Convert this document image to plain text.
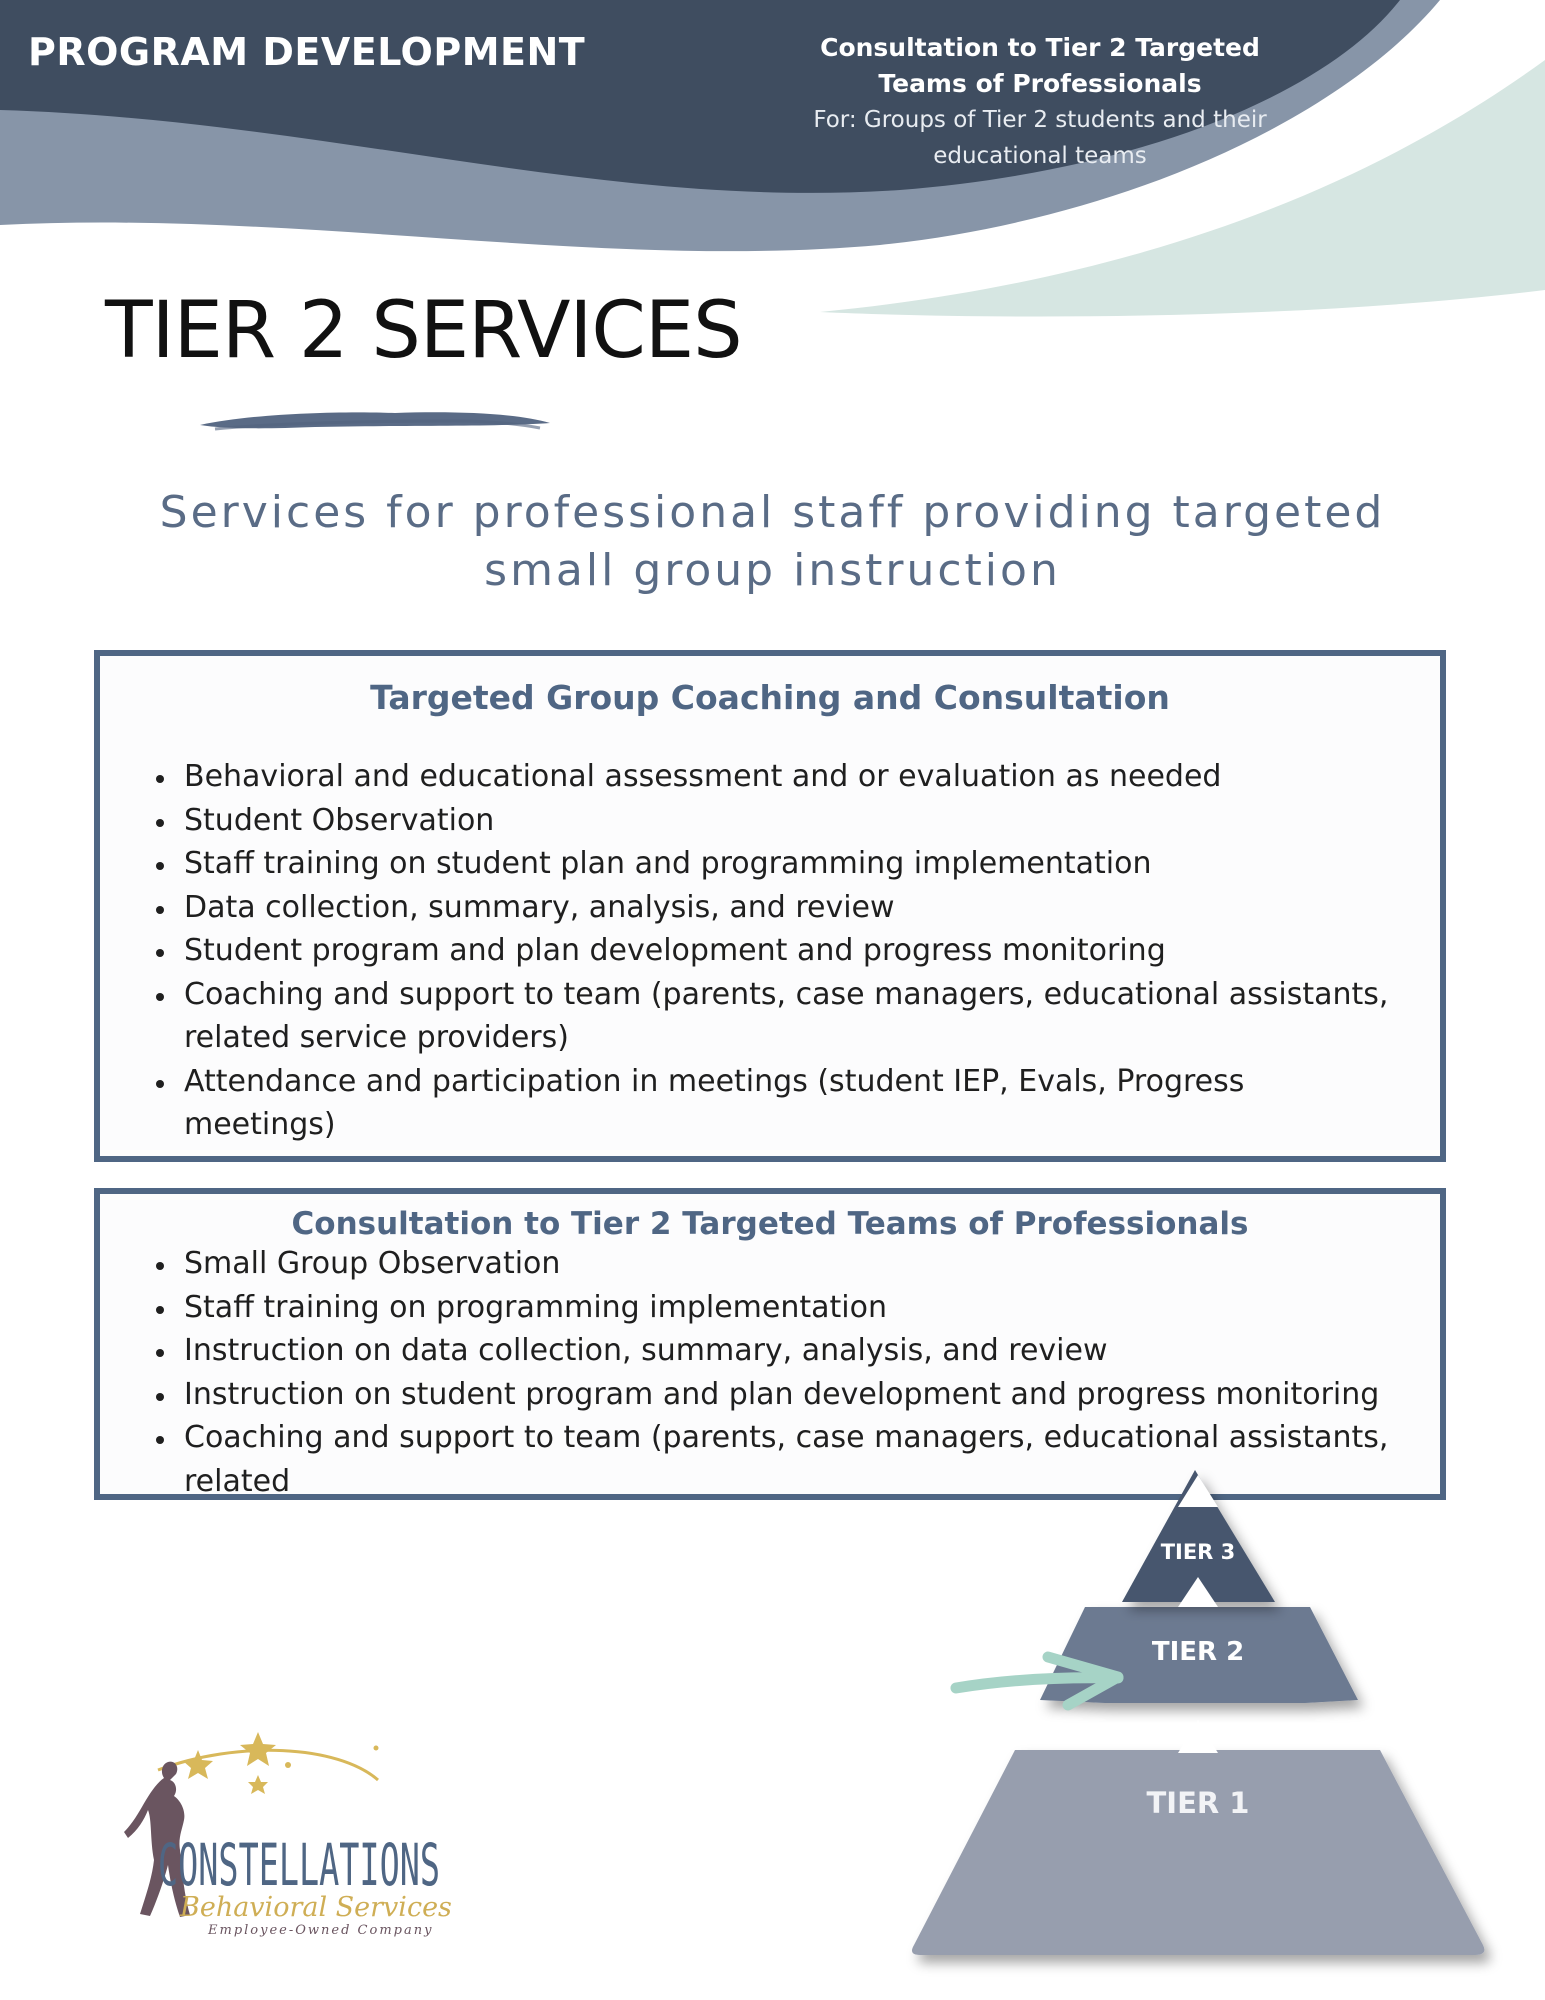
PROGRAM DEVELOPMENT	Consultation to Tier 2 Targeted
Teams of Professionals
For: Groups of Tier 2 students and their
educational teams
TIER 2 SERVICES
Services for professional staff providing targeted
small group instruction
Targeted Group Coaching and Consultation
• Behavioral and educational assessment and or evaluation as needed
• Student Observation
• Staff training on student plan and programming implementation
• Data collection, summary, analysis, and review
• Student program and plan development and progress monitoring
• Coaching and support to team (parents, case managers, educational assistants, related service providers)
• Attendance and participation in meetings (student IEP, Evals, Progress meetings)
Consultation to Tier 2 Targeted Teams of Professionals
• Small Group Observation
• Staff training on programming implementation
• Instruction on data collection, summary, analysis, and review
• Instruction on student program and plan development and progress monitoring
• Coaching and support to team (parents, case managers, educational assistants, related
TIER 3
TIER 2
TIER 1
CONSTELLATIONS
Behavioral Services
Employee-Owned Company
